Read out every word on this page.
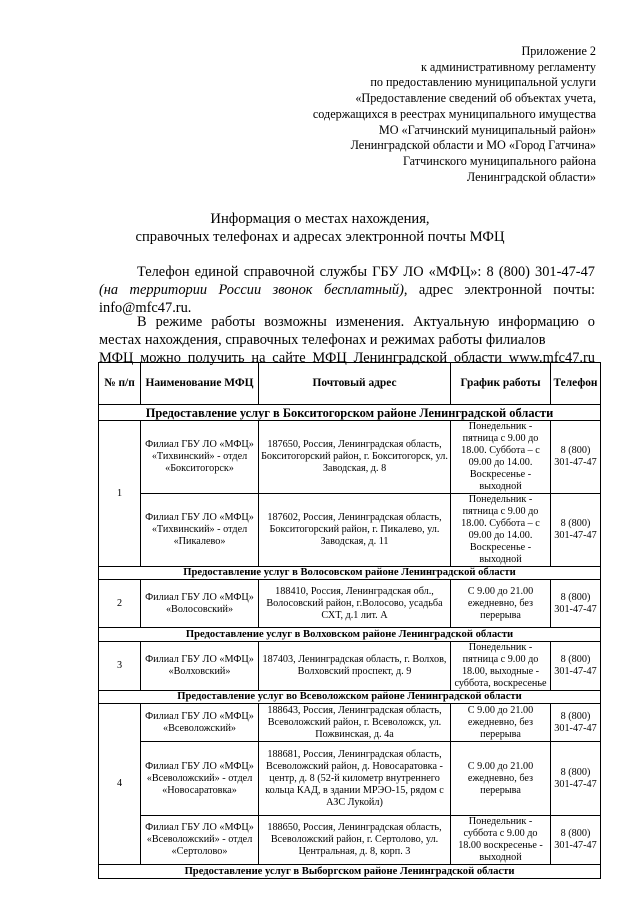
Приложение 2
к административному регламенту
по предоставлению муниципальной услуги
«Предоставление сведений об объектах учета,
содержащихся в реестрах муниципального имущества
МО «Гатчинский муниципальный район»
Ленинградской области и МО «Город Гатчина»
Гатчинского муниципального района
Ленинградской области»
Информация о местах нахождения,
справочных телефонах и адресах электронной почты МФЦ

Телефон единой справочной службы ГБУ ЛО «МФЦ»: 8 (800) 301-47-47 (на территории России звонок бесплатный), адрес электронной почты: info@mfc47.ru.

В режиме работы возможны изменения. Актуальную информацию о местах нахождения, справочных телефонах и режимах работы филиалов
МФЦ можно получить на сайте МФЦ Ленинградской области www.mfc47.ru

№ п/п	Наименование МФЦ	Почтовый адрес	График работы	Телефон
Предоставление услуг в Бокситогорском районе Ленинградской области				
1	Филиал ГБУ ЛО «МФЦ» «Тихвинский» - отдел «Бокситогорск»	187650, Россия, Ленинградская область, Бокситогорский район, г. Бокситогорск, ул. Заводская, д. 8	Понедельник - пятница с 9.00 до 18.00. Суббота – с 09.00 до 14.00. Воскресенье - выходной	8 (800) 301-47-47
	Филиал ГБУ ЛО «МФЦ» «Тихвинский» - отдел «Пикалево»	187602, Россия, Ленинградская область, Бокситогорский район, г. Пикалево, ул. Заводская, д. 11	Понедельник - пятница с 9.00 до 18.00. Суббота – с 09.00 до 14.00. Воскресенье - выходной	8 (800) 301-47-47
Предоставление услуг в Волосовском районе Ленинградской области				
2	Филиал ГБУ ЛО «МФЦ» «Волосовский»	188410, Россия, Ленинградская обл., Волосовский район, г.Волосово, усадьба СХТ, д.1 лит. А	С 9.00 до 21.00 ежедневно, без перерыва	8 (800) 301-47-47
Предоставление услуг в Волховском районе Ленинградской области				
3	Филиал ГБУ ЛО «МФЦ» «Волховский»	187403, Ленинградская область, г. Волхов, Волховский проспект, д. 9	Понедельник - пятница с 9.00 до 18.00, выходные - суббота, воскресенье	8 (800) 301-47-47
Предоставление услуг во Всеволожском районе Ленинградской области				
4	Филиал ГБУ ЛО «МФЦ» «Всеволожский»	188643, Россия, Ленинградская область, Всеволожский район, г. Всеволожск, ул. Пожвинская, д. 4а	С 9.00 до 21.00 ежедневно, без перерыва	8 (800) 301-47-47
	Филиал ГБУ ЛО «МФЦ» «Всеволожский» - отдел «Новосаратовка»	188681, Россия, Ленинградская область, Всеволожский район, д. Новосаратовка - центр, д. 8 (52-й километр внутреннего кольца КАД, в здании МРЭО-15, рядом с АЗС Лукойл)	С 9.00 до 21.00 ежедневно, без перерыва	8 (800) 301-47-47
	Филиал ГБУ ЛО «МФЦ» «Всеволожский» - отдел «Сертолово»	188650, Россия, Ленинградская область, Всеволожский район, г. Сертолово, ул. Центральная, д. 8, корп. 3	Понедельник - суббота с 9.00 до 18.00 воскресенье - выходной	8 (800) 301-47-47
Предоставление услуг в Выборгском районе Ленинградской области				
